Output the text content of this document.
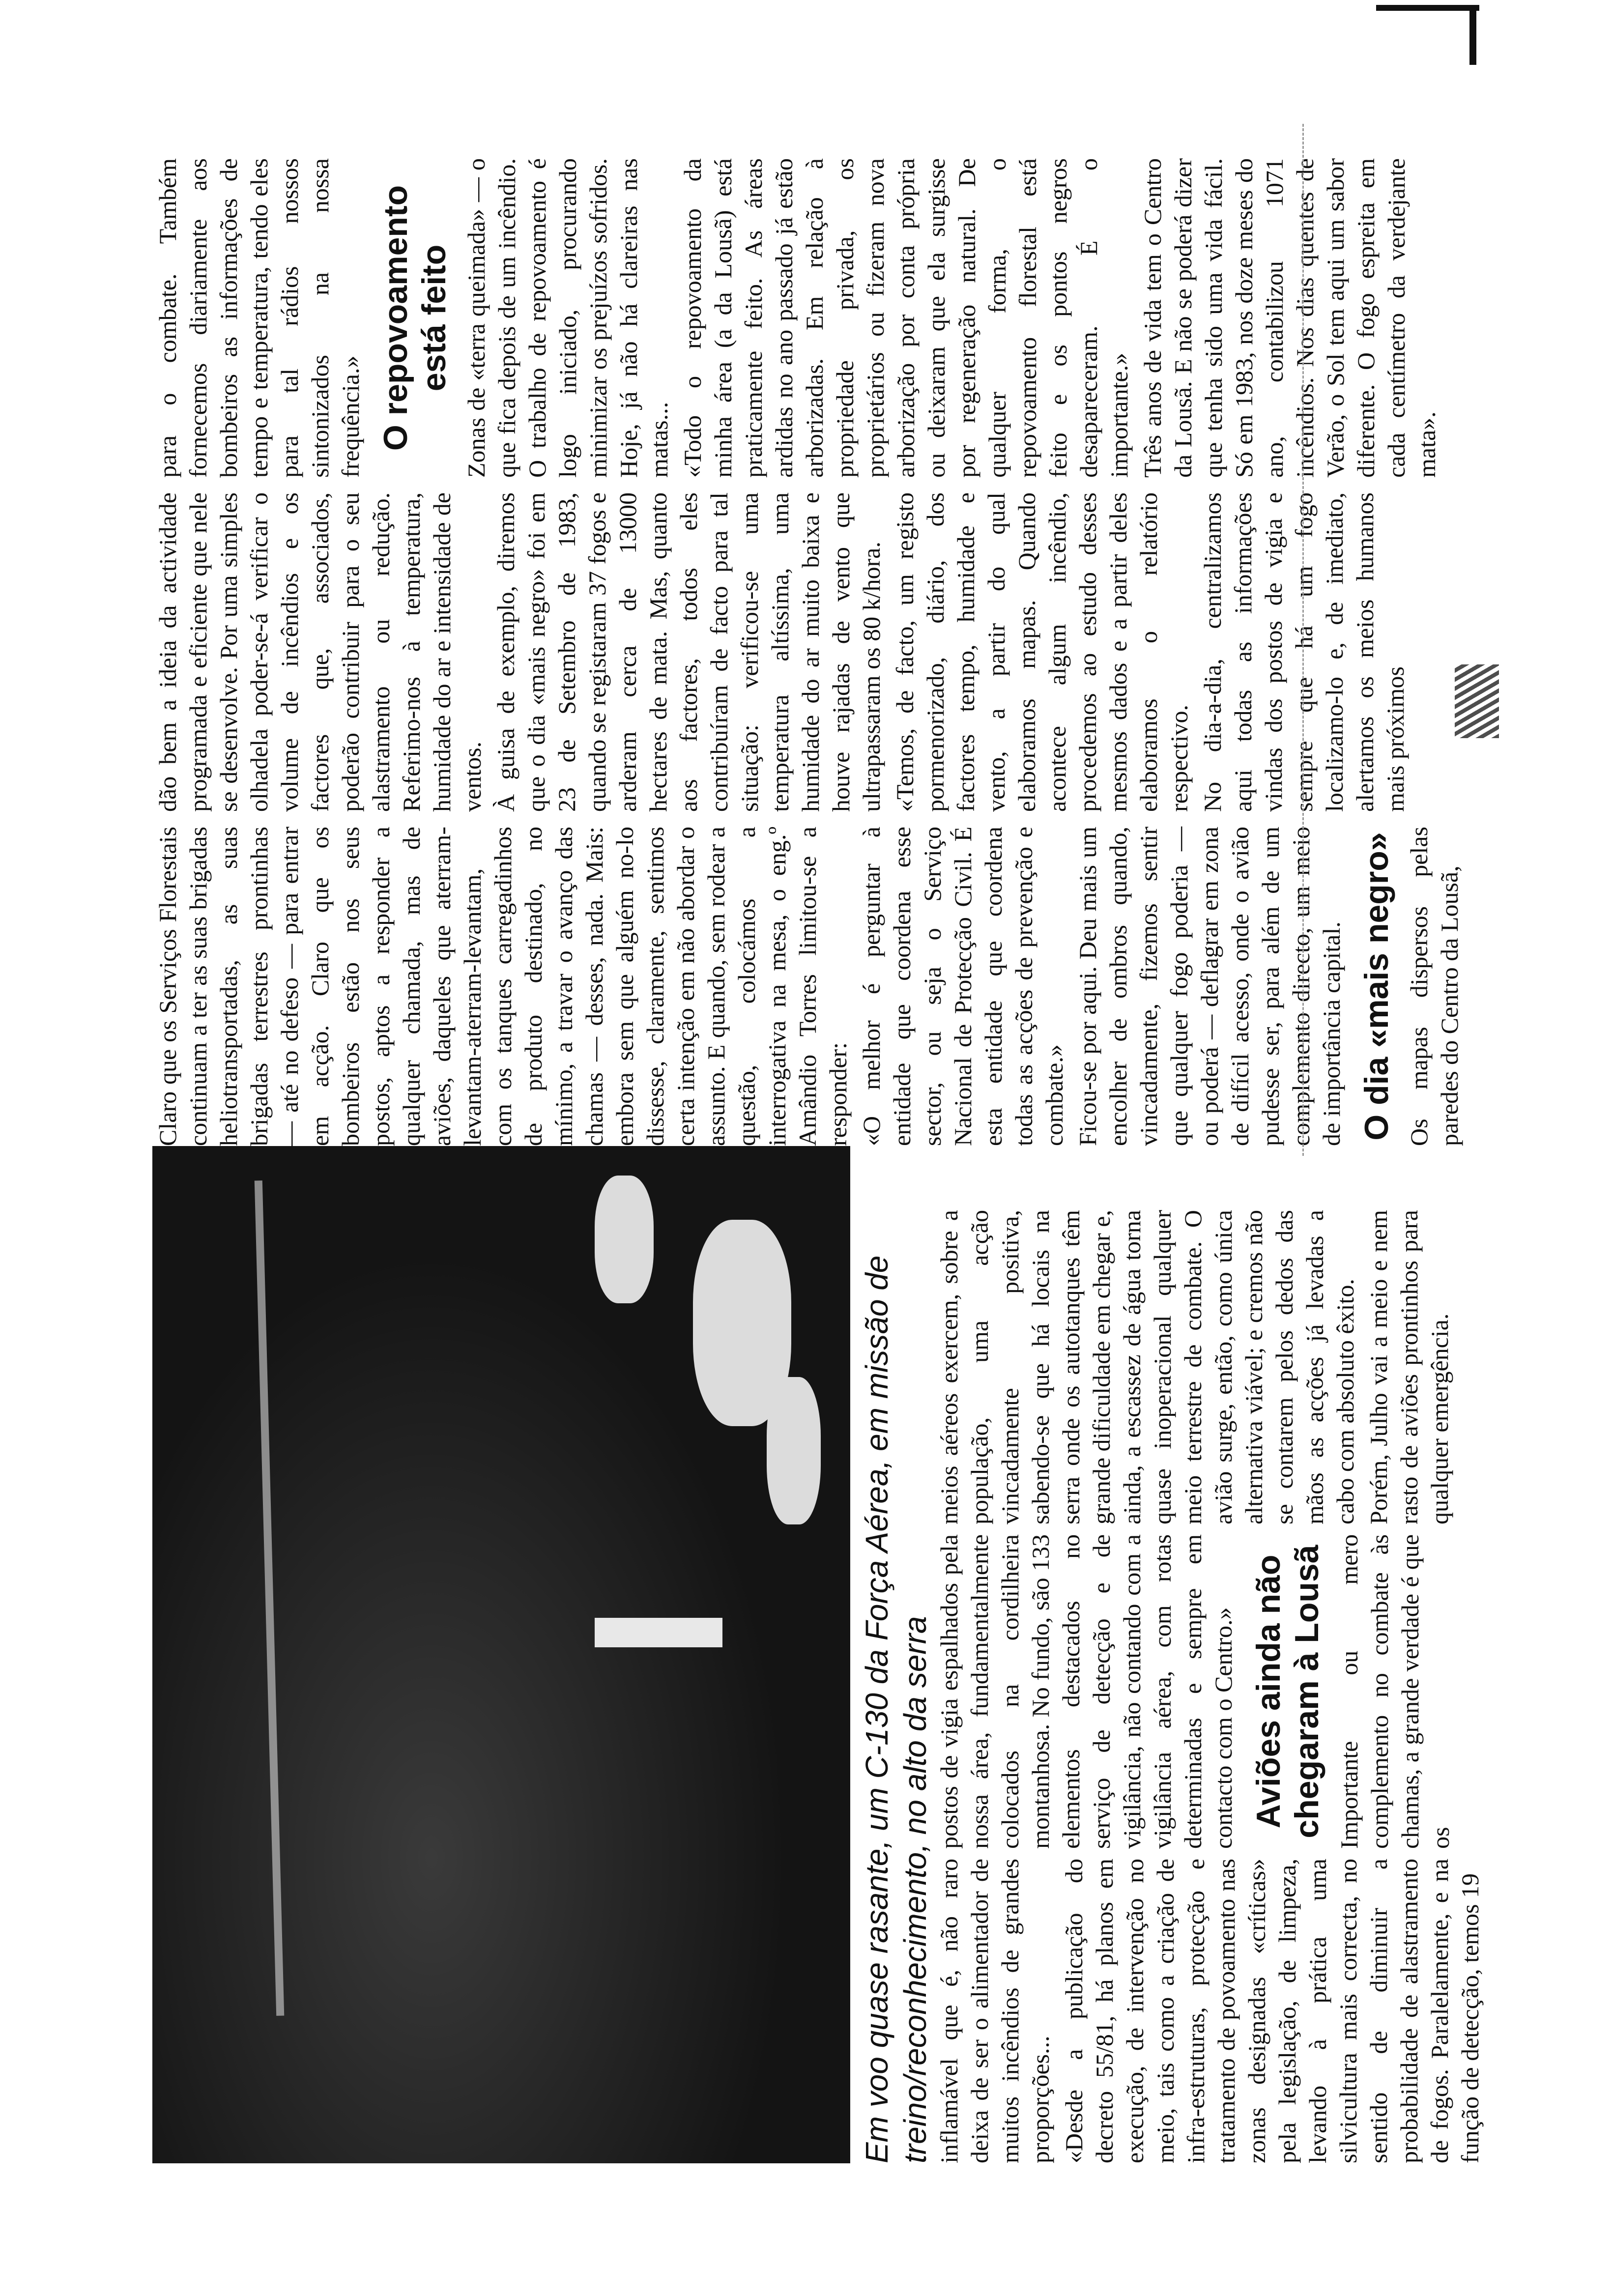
Em voo quase rasante, um C-130 da Força Aérea, em missão de treino/reconhecimento, no alto da serra inflamável que é, não raro deixa de ser o alimentador de muitos incêndios de grandes proporções... «Desde a publicação do decreto 55/81, há planos em execução, de intervenção no meio, tais como a criação de infra-estruturas, protecção e tratamento de povoamento nas zonas designadas «críticas» pela legislação, de limpeza, levando à prática uma silvicultura mais correcta, no sentido de diminuir a probabilidade de alastramento de fogos. Paralelamente, e na função de detecção, temos 19

postos de vigia espalhados pela nossa área, fundamentalmente colocados na cordilheira montanhosa. No fundo, são 133 elementos destacados no serviço de detecção e de vigilância, não contando com a vigilância aérea, com rotas determinadas e sempre em contacto com o Centro.» Aviões ainda não chegaram à Lousã Importante ou mero complemento no combate às chamas, a grande verdade é que os

meios aéreos exercem, sobre a população, uma acção vincadamente positiva, sabendo-se que há locais na serra onde os autotanques têm grande dificuldade em chegar e, ainda, a escassez de água torna quase inoperacional qualquer meio terrestre de combate. O avião surge, então, como única alternativa viável; e cremos não se contarem pelos dedos das mãos as acções já levadas a cabo com absoluto êxito. Porém, Julho vai a meio e nem rasto de aviões prontinhos para qualquer emergência.

Claro que os Serviços Florestais continuam a ter as suas brigadas heliotransportadas, as suas brigadas terrestres prontinhas — até no defeso — para entrar em acção. Claro que os bombeiros estão nos seus postos, aptos a responder a qualquer chamada, mas de aviões, daqueles que aterram-levantam-aterram-levantam, com os tanques carregadinhos de produto destinado, no mínimo, a travar o avanço das chamas — desses, nada. Mais: embora sem que alguém no-lo dissesse, claramente, sentimos certa intenção em não abordar o assunto. E quando, sem rodear a questão, colocámos a interrogativa na mesa, o eng.º Amândio Torres limitou-se a responder: «O melhor é perguntar à entidade que coordena esse sector, ou seja o Serviço Nacional de Protecção Civil. É esta entidade que coordena todas as acções de prevenção e combate.» Ficou-se por aqui. Deu mais um encolher de ombros quando, vincadamente, fizemos sentir que qualquer fogo poderia — ou poderá — deflagrar em zona de difícil acesso, onde o avião pudesse ser, para além de um complemento directo, um meio de importância capital. O dia «mais negro» Os mapas dispersos pelas paredes do Centro da Lousã,

dão bem a ideia da actividade programada e eficiente que nele se desenvolve. Por uma simples olhadela poder-se-á verificar o volume de incêndios e os factores que, associados, poderão contribuir para o seu alastramento ou redução. Referimo-nos à temperatura, humidade do ar e intensidade de ventos. À guisa de exemplo, diremos que o dia «mais negro» foi em 23 de Setembro de 1983, quando se registaram 37 fogos e arderam cerca de 13000 hectares de mata. Mas, quanto aos factores, todos eles contribuíram de facto para tal situação: verificou-se uma temperatura altíssima, uma humidade do ar muito baixa e houve rajadas de vento que ultrapassaram os 80 k/hora. «Temos, de facto, um registo pormenorizado, diário, dos factores tempo, humidade e vento, a partir do qual elaboramos mapas. Quando acontece algum incêndio, procedemos ao estudo desses mesmos dados e a partir deles elaboramos o relatório respectivo. No dia-a-dia, centralizamos aqui todas as informações vindas dos postos de vigia e sempre que há um fogo localizamo-lo e, de imediato, alertamos os meios humanos mais próximos

para o combate. Também fornecemos diariamente aos bombeiros as informações de tempo e temperatura, tendo eles para tal rádios nossos sintonizados na nossa frequência.» O repovoamento está feito Zonas de «terra queimada» — o que fica depois de um incêndio. O trabalho de repovoamento é logo iniciado, procurando minimizar os prejuízos sofridos. Hoje, já não há clareiras nas matas... «Todo o repovoamento da minha área (a da Lousã) está praticamente feito. As áreas ardidas no ano passado já estão arborizadas. Em relação à propriedade privada, os proprietários ou fizeram nova arborização por conta própria ou deixaram que ela surgisse por regeneração natural. De qualquer forma, o repovoamento florestal está feito e os pontos negros desapareceram. É o importante.» Três anos de vida tem o Centro da Lousã. E não se poderá dizer que tenha sido uma vida fácil. Só em 1983, nos doze meses do ano, contabilizou 1071 incêndios. Nos dias quentes de Verão, o Sol tem aqui um sabor diferente. O fogo espreita em cada centímetro da verdejante mata».
